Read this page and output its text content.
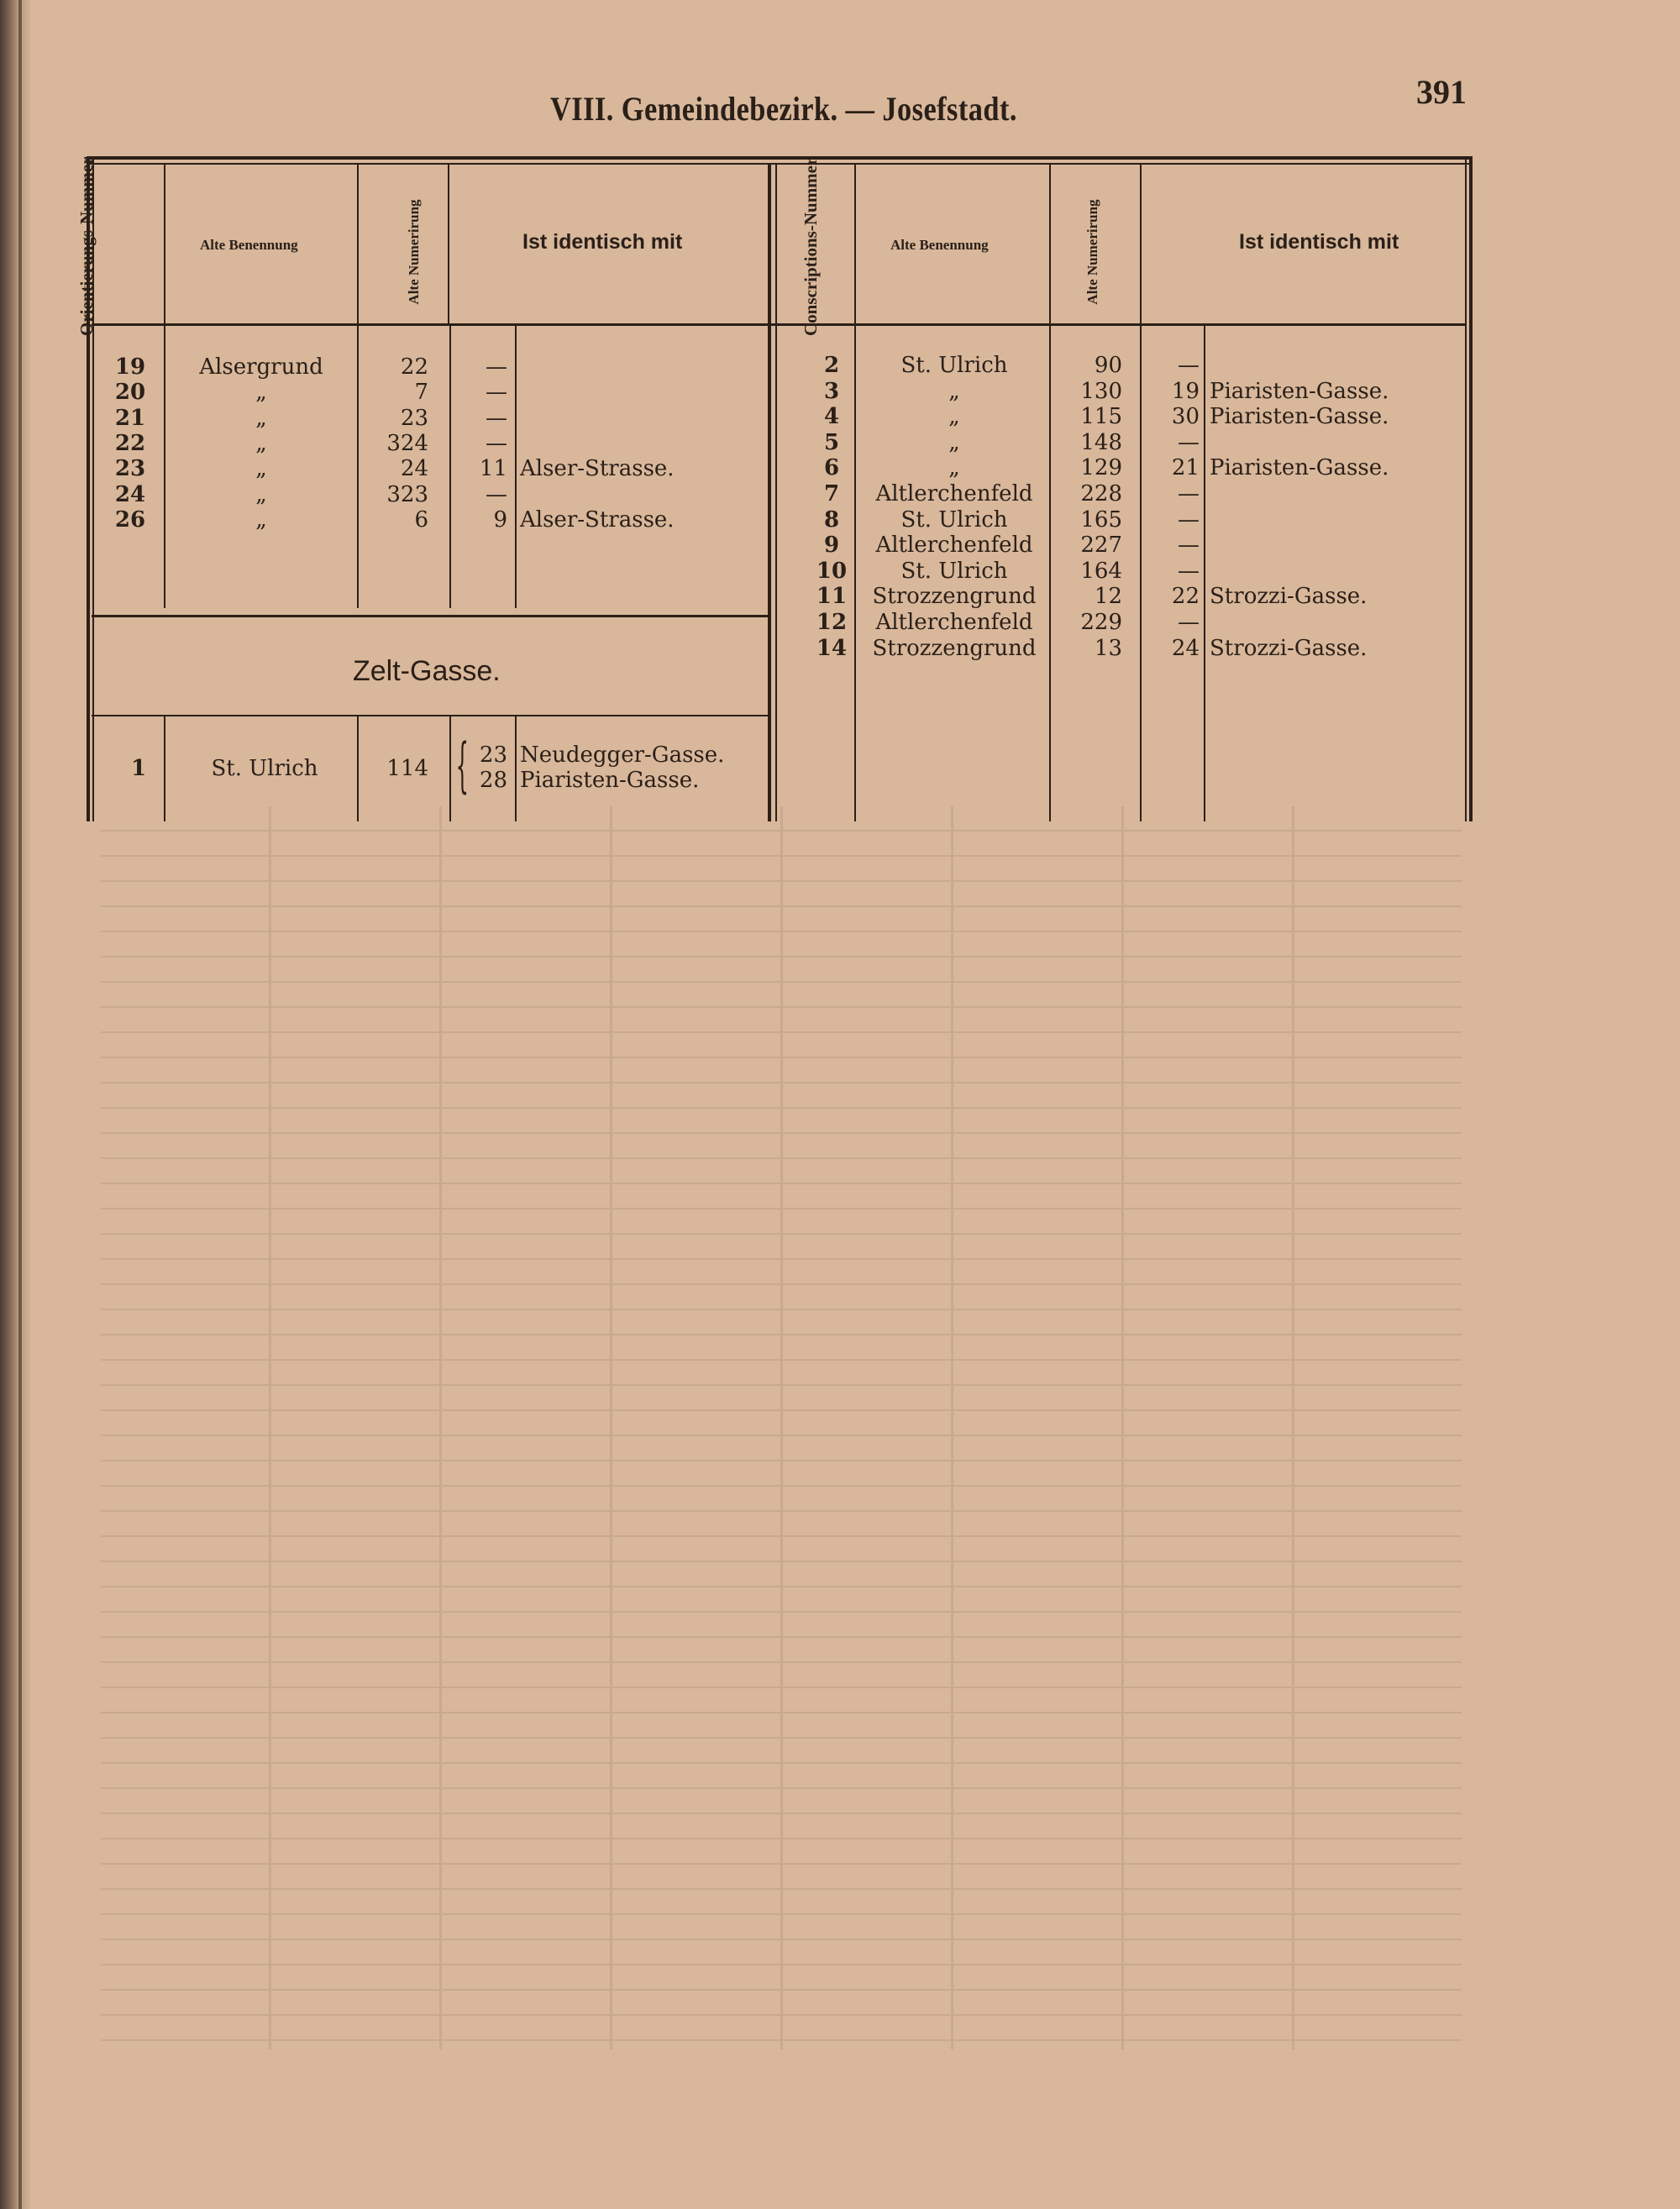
VIII. Gemeindebezirk. — Josefstadt.	391
Orientierungs-Nummer	Alte Benennung	Alte Numerirung	Ist identisch mit	Conscriptions-Nummer	Alte Benennung	Alte Numerirung	Ist identisch mit
19	Alsergrund	22	—
20	„	7	—
21	„	23	—
22	„	324	—
23	„	24	11 Alser-Strasse.
24	„	323	—
26	„	6	9 Alser-Strasse.
Zelt-Gasse.
1	St. Ulrich	114 { 23 Neudegger-Gasse.
28 Piaristen-Gasse.
2	St. Ulrich	90	—
3	„	130	19 Piaristen-Gasse.
4	„	115	30 Piaristen-Gasse.
5	„	148	—
6	„	129	21 Piaristen-Gasse.
7	Altlerchenfeld	228	—
8	St. Ulrich	165	—
9	Altlerchenfeld	227	—
10	St. Ulrich	164	—
11	Strozzengrund	12	22 Strozzi-Gasse.
12	Altlerchenfeld	229	—
14	Strozzengrund	13	24 Strozzi-Gasse.
